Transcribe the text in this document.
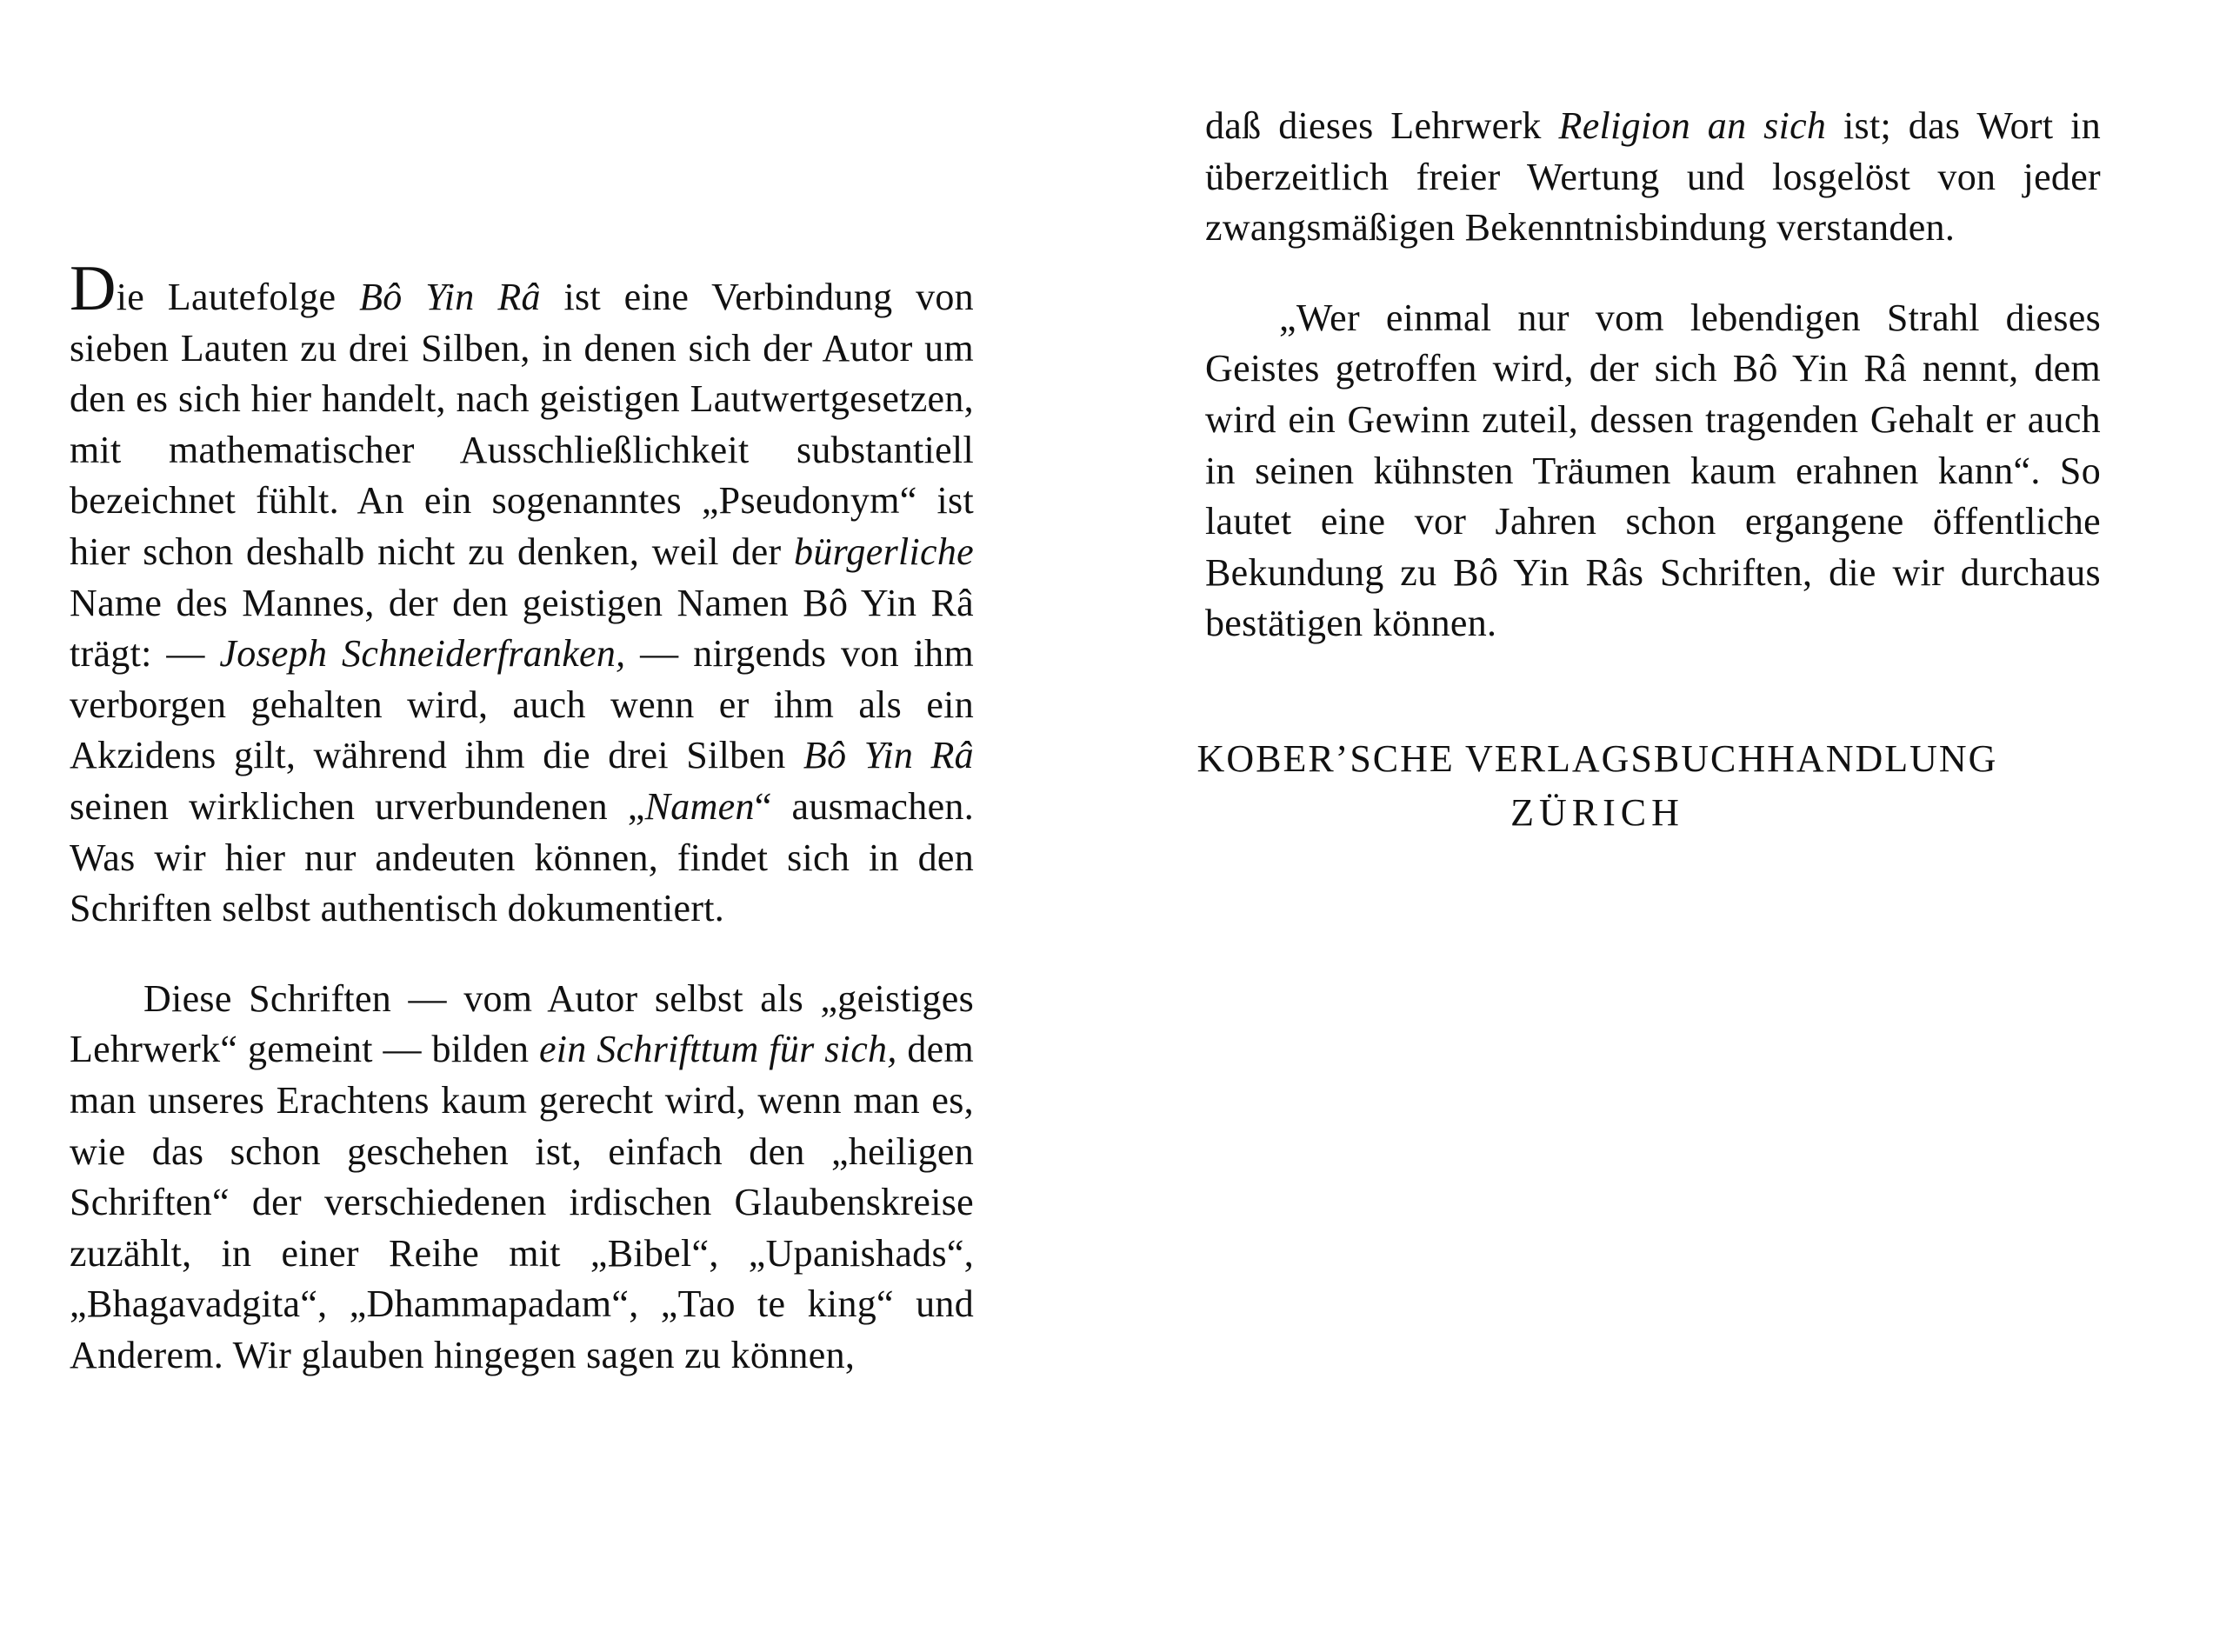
Die Lautefolge Bô Yin Râ ist eine Verbindung von sieben Lauten zu drei Silben, in denen sich der Autor um den es sich hier handelt, nach geistigen Lautwertgesetzen, mit mathematischer Ausschließlichkeit substantiell bezeichnet fühlt. An ein sogenanntes „Pseudonym“ ist hier schon deshalb nicht zu denken, weil der bürgerliche Name des Mannes, der den geistigen Namen Bô Yin Râ trägt: — Joseph Schneiderfranken, — nirgends von ihm verborgen gehalten wird, auch wenn er ihm als ein Akzidens gilt, während ihm die drei Silben Bô Yin Râ seinen wirklichen urverbundenen „Namen“ ausmachen. Was wir hier nur andeuten können, findet sich in den Schriften selbst authentisch dokumentiert.

Diese Schriften — vom Autor selbst als „geistiges Lehrwerk“ gemeint — bilden ein Schrifttum für sich, dem man unseres Erachtens kaum gerecht wird, wenn man es, wie das schon geschehen ist, einfach den „heiligen Schriften“ der verschiedenen irdischen Glaubenskreise zuzählt, in einer Reihe mit „Bibel“, „Upanishads“, „Bhagavadgita“, „Dhammapadam“, „Tao te king“ und Anderem. Wir glauben hingegen sagen zu können,

daß dieses Lehrwerk Religion an sich ist; das Wort in überzeitlich freier Wertung und losgelöst von jeder zwangsmäßigen Bekenntnisbindung verstanden.

„Wer einmal nur vom lebendigen Strahl dieses Geistes getroffen wird, der sich Bô Yin Râ nennt, dem wird ein Gewinn zuteil, dessen tragenden Gehalt er auch in seinen kühnsten Träumen kaum erahnen kann“. So lautet eine vor Jahren schon ergangene öffentliche Bekundung zu Bô Yin Râs Schriften, die wir durchaus bestätigen können.

KOBER’SCHE VERLAGSBUCHHANDLUNG
ZÜRICH
